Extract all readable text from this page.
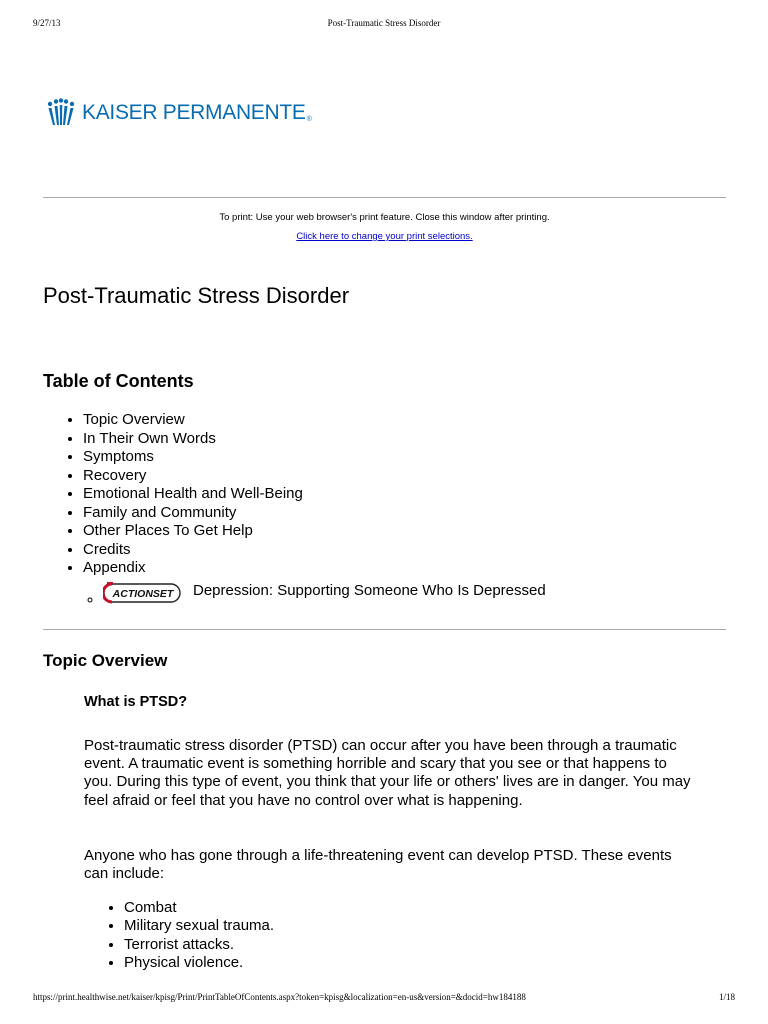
9/27/13	Post-Traumatic Stress Disorder
KAISER PERMANENTE ®
To print: Use your web browser's print feature. Close this window after printing.
Click here to change your print selections.
Post-Traumatic Stress Disorder
Table of Contents
• Topic Overview
• In Their Own Words
• Symptoms
• Recovery
• Emotional Health and Well-Being
• Family and Community
• Other Places To Get Help
• Credits
• Appendix
◦ ACTIONSET Depression: Supporting Someone Who Is Depressed
Topic Overview
What is PTSD?

Post-traumatic stress disorder (PTSD) can occur after you have been through a traumatic event. A traumatic event is something horrible and scary that you see or that happens to you. During this type of event, you think that your life or others' lives are in danger. You may feel afraid or feel that you have no control over what is happening.

Anyone who has gone through a life-threatening event can develop PTSD. These events can include:

• Combat
• Military sexual trauma.
• Terrorist attacks.
• Physical violence.
https://print.healthwise.net/kaiser/kpisg/Print/PrintTableOfContents.aspx?token=kpisg&localization=en-us&version=&docid=hw184188	1/18
